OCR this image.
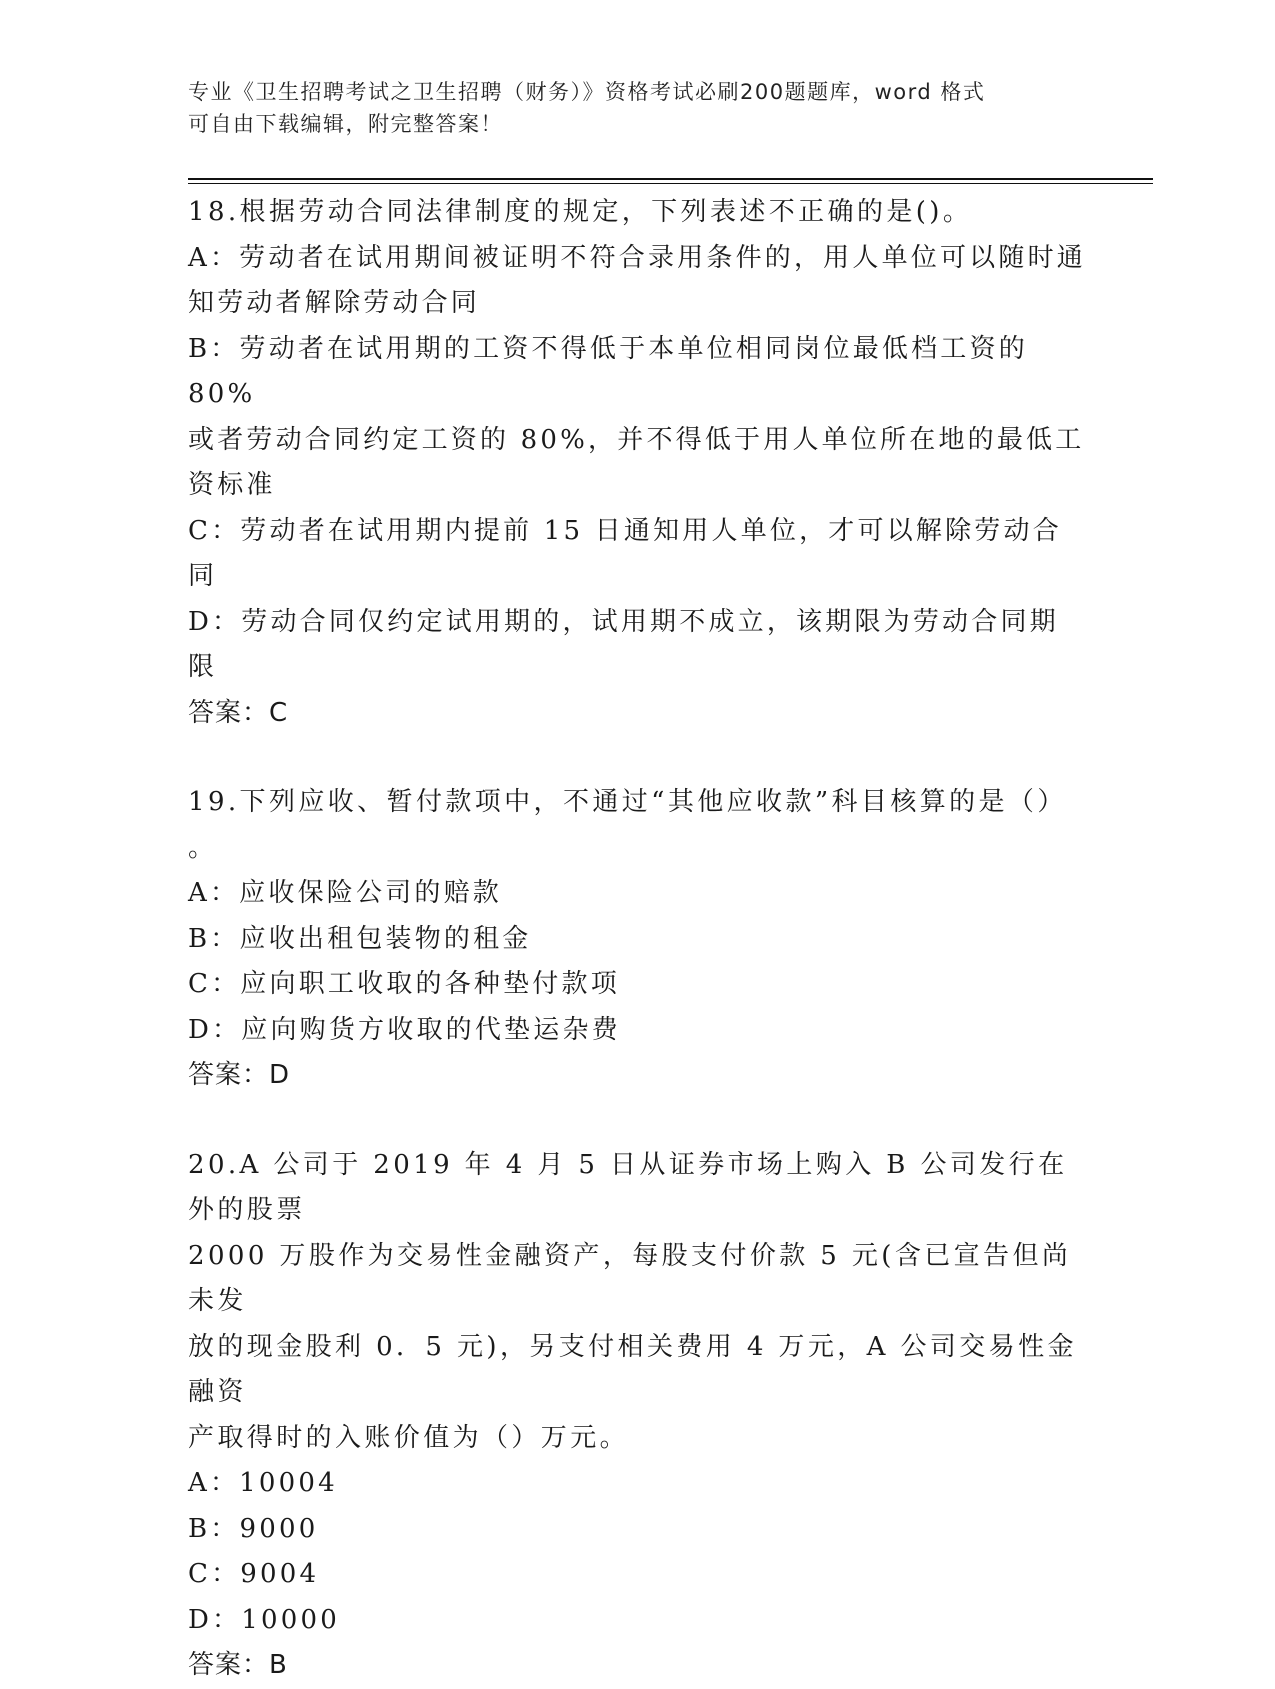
专业《卫生招聘考试之卫生招聘（财务）》资格考试必刷200题题库，word 格式
可自由下载编辑，附完整答案！

18.根据劳动合同法律制度的规定，下列表述不正确的是()。

A：劳动者在试用期间被证明不符合录用条件的，用人单位可以随时通

知劳动者解除劳动合同

B：劳动者在试用期的工资不得低于本单位相同岗位最低档工资的 80%

或者劳动合同约定工资的 80%，并不得低于用人单位所在地的最低工

资标准

C：劳动者在试用期内提前 15 日通知用人单位，才可以解除劳动合同

D：劳动合同仅约定试用期的，试用期不成立，该期限为劳动合同期限

答案：C

19.下列应收、暂付款项中，不通过“其他应收款”科目核算的是（）

。

A：应收保险公司的赔款

B：应收出租包装物的租金

C：应向职工收取的各种垫付款项

D：应向购货方收取的代垫运杂费

答案：D

20.A 公司于 2019 年 4 月 5 日从证券市场上购入 B 公司发行在外的股票

2000 万股作为交易性金融资产，每股支付价款 5 元(含已宣告但尚未发

放的现金股利 0．5 元)，另支付相关费用 4 万元，A 公司交易性金融资

产取得时的入账价值为（）万元。

A：10004

B：9000

C：9004

D：10000

答案：B
